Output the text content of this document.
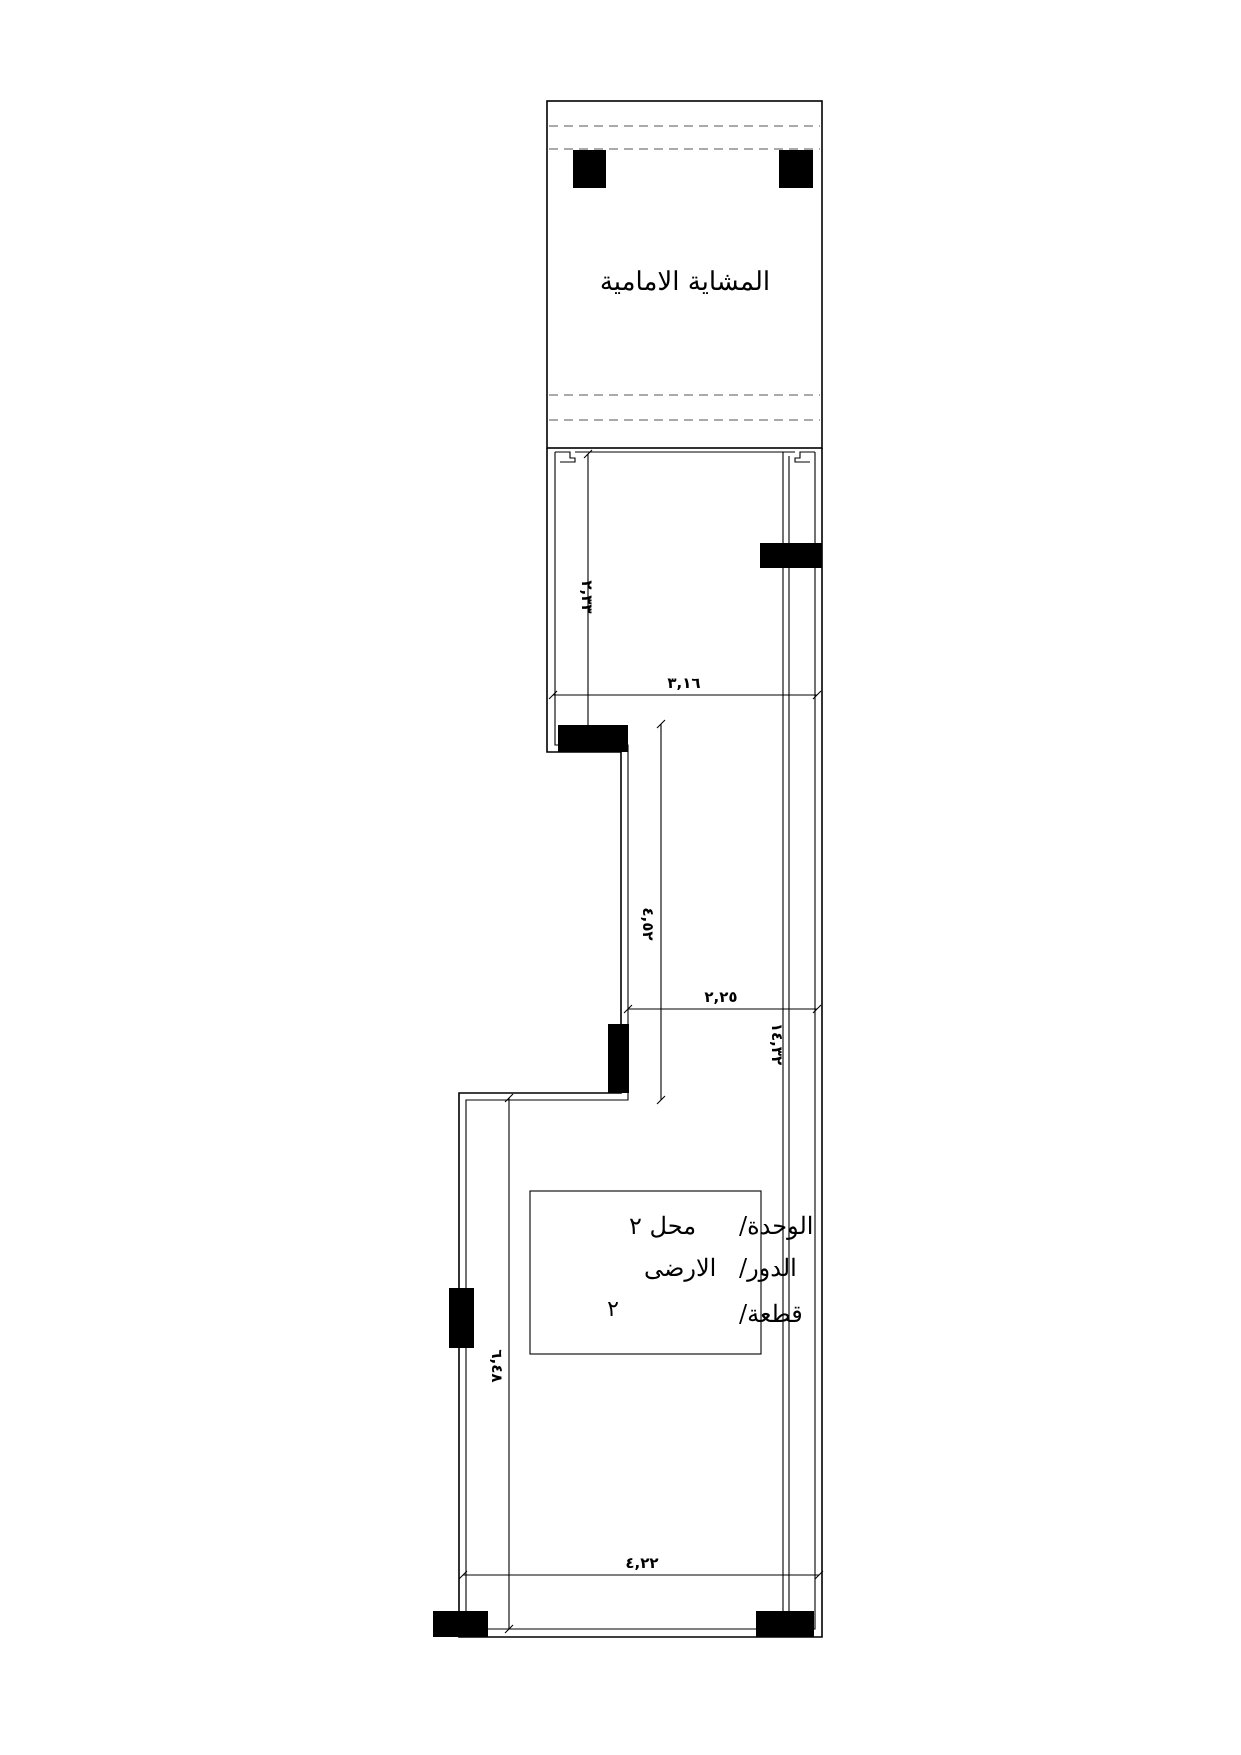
المشاية الامامية
٢,٣٣
٣,١٦
٤,٥٢
٢,٢٥
١٤,٣٢
٦,٤٨
٤,٢٢
الوحدة/
محل ٢
الدور/
الارضى
قطعة/
٢
